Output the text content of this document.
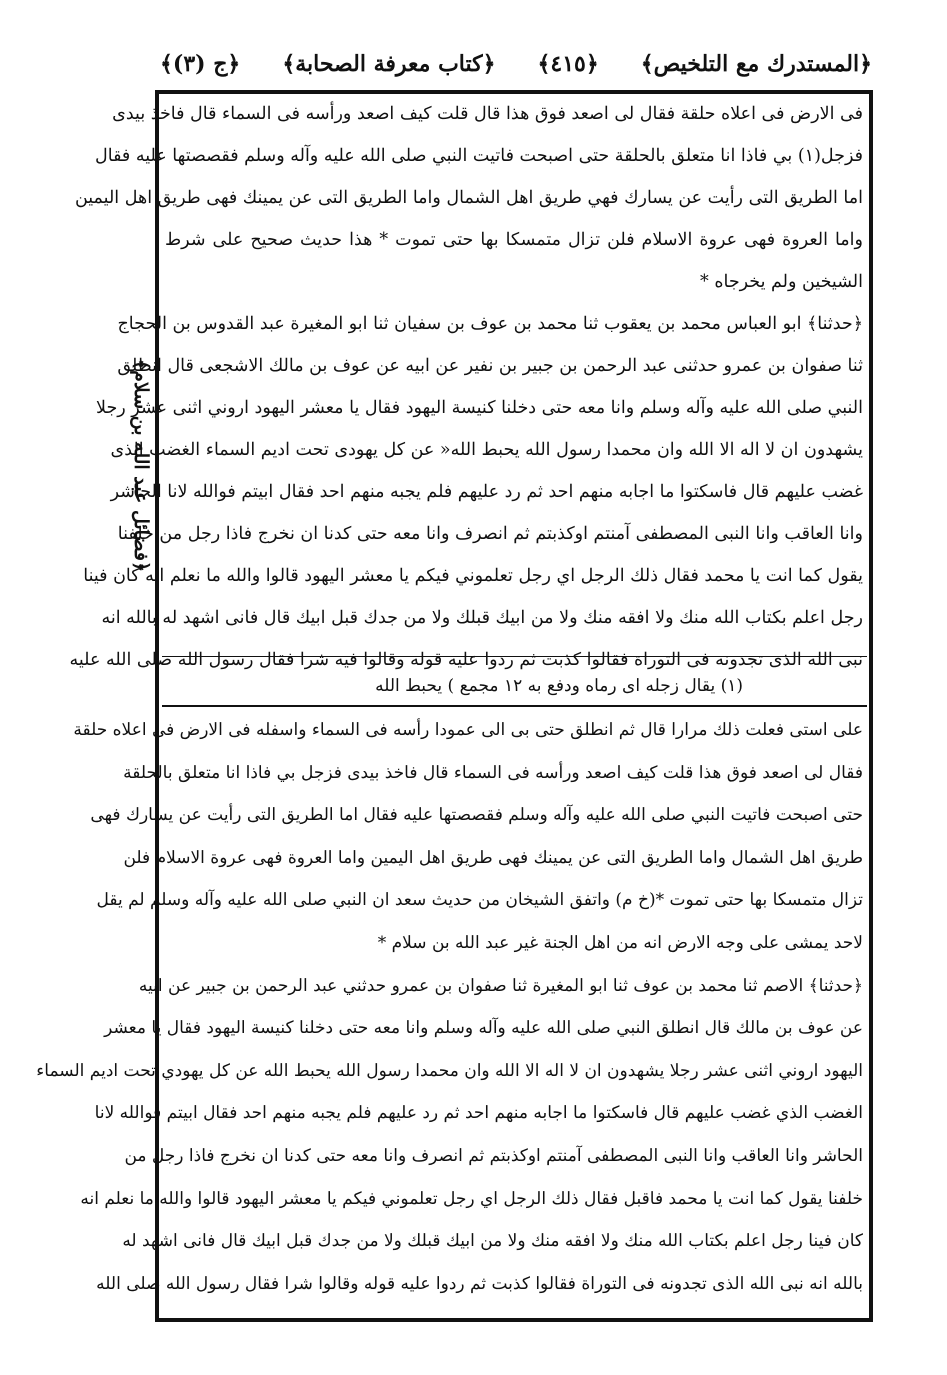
﴿المستدرك مع التلخيص﴾
﴿٤١٥﴾
﴿كتاب معرفة الصحابة﴾
﴿ج (٣)﴾
﴿فضائل عبد الله بن سلام﴾
فى الارض فى اعلاه حلقة فقال لى اصعد فوق هذا قال قلت كيف اصعد ورأسه فى السماء قال فاخذ بيدى
فزجل(١) بي فاذا انا متعلق بالحلقة حتى اصبحت فاتيت النبي صلى الله عليه وآله وسلم فقصصتها عليه فقال
اما الطريق التى رأيت عن يسارك فهي طريق اهل الشمال واما الطريق التى عن يمينك فهى طريق اهل اليمين
واما العروة فهى عروة الاسلام فلن تزال متمسكا بها حتى تموت * هذا حديث صحيح على شرط
الشيخين ولم يخرجاه *
﴿حدثنا﴾ ابو العباس محمد بن يعقوب ثنا محمد بن عوف بن سفيان ثنا ابو المغيرة عبد القدوس بن الحجاج
ثنا صفوان بن عمرو حدثنى عبد الرحمن بن جبير بن نفير عن ابيه عن عوف بن مالك الاشجعى قال انطلق
النبي صلى الله عليه وآله وسلم وانا معه حتى دخلنا كنيسة اليهود فقال يا معشر اليهود اروني اثنى عشر رجلا
يشهدون ان لا اله الا الله وان محمدا رسول الله يحبط الله« عن كل يهودى تحت اديم السماء الغضب الذى
غضب عليهم قال فاسكتوا ما اجابه منهم احد ثم رد عليهم فلم يجبه منهم احد فقال ابيتم فوالله لانا الحاشر
وانا العاقب وانا النبى المصطفى آمنتم اوكذبتم ثم انصرف وانا معه حتى كدنا ان نخرج فاذا رجل من خلفنا
يقول كما انت يا محمد فقال ذلك الرجل اي رجل تعلموني فيكم يا معشر اليهود قالوا والله ما نعلم انه كان فينا
رجل اعلم بكتاب الله منك ولا افقه منك ولا من ابيك قبلك ولا من جدك قبل ابيك قال فانى اشهد له بالله انه
نبى الله الذى تجدونه فى التوراة فقالوا كذبت ثم ردوا عليه قوله وقالوا فيه شرا فقال رسول الله صلى الله عليه
(١) يقال زجله اى رماه ودفع به ١٢ مجمع ) يحبط الله
على استى فعلت ذلك مرارا قال ثم انطلق حتى بى الى عمودا رأسه فى السماء واسفله فى الارض فى اعلاه حلقة
فقال لى اصعد فوق هذا قلت كيف اصعد ورأسه فى السماء قال فاخذ بيدى فزجل بي فاذا انا متعلق بالحلقة
حتى اصبحت فاتيت النبي صلى الله عليه وآله وسلم فقصصتها عليه فقال اما الطريق التى رأيت عن يسارك فهى
طريق اهل الشمال واما الطريق التى عن يمينك فهى طريق اهل اليمين واما العروة فهى عروة الاسلام فلن
تزال متمسكا بها حتى تموت *(خ م) واتفق الشيخان من حديث سعد ان النبي صلى الله عليه وآله وسلم لم يقل
لاحد يمشى على وجه الارض انه من اهل الجنة غير عبد الله بن سلام *
﴿حدثنا﴾ الاصم ثنا محمد بن عوف ثنا ابو المغيرة ثنا صفوان بن عمرو حدثني عبد الرحمن بن جبير عن ابيه
عن عوف بن مالك قال انطلق النبي صلى الله عليه وآله وسلم وانا معه حتى دخلنا كنيسة اليهود فقال يا معشر
اليهود اروني اثنى عشر رجلا يشهدون ان لا اله الا الله وان محمدا رسول الله يحبط الله عن كل يهودي تحت اديم السماء
الغضب الذي غضب عليهم قال فاسكتوا ما اجابه منهم احد ثم رد عليهم فلم يجبه منهم احد فقال ابيتم فوالله لانا
الحاشر وانا العاقب وانا النبى المصطفى آمنتم اوكذبتم ثم انصرف وانا معه حتى كدنا ان نخرج فاذا رجل من
خلفنا يقول كما انت يا محمد فاقبل فقال ذلك الرجل اي رجل تعلموني فيكم يا معشر اليهود قالوا والله ما نعلم انه
كان فينا رجل اعلم بكتاب الله منك ولا افقه منك ولا من ابيك قبلك ولا من جدك قبل ابيك قال فانى اشهد له
بالله انه نبى الله الذى تجدونه فى التوراة فقالوا كذبت ثم ردوا عليه قوله وقالوا شرا فقال رسول الله صلى الله
